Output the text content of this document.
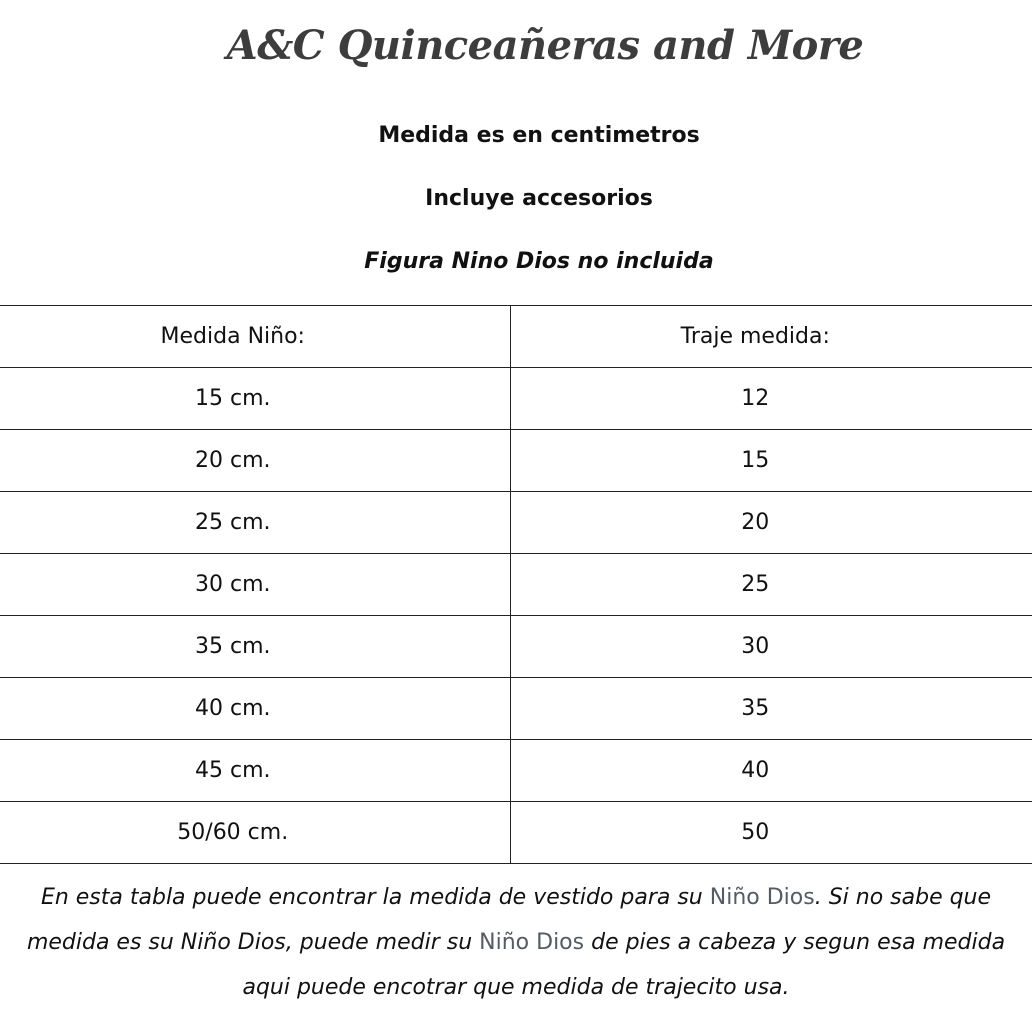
A&C Quinceañeras and More
Medida es en centimetros
Incluye accesorios
Figura Nino Dios no incluida
Medida Niño:	Traje medida:
15 cm.	12
20 cm.	15
25 cm.	20
30 cm.	25
35 cm.	30
40 cm.	35
45 cm.	40
50/60 cm.	50
En esta tabla puede encontrar la medida de vestido para su Niño Dios. Si no sabe que medida es su Niño Dios, puede medir su Niño Dios de pies a cabeza y segun esa medida aqui puede encotrar que medida de trajecito usa.
